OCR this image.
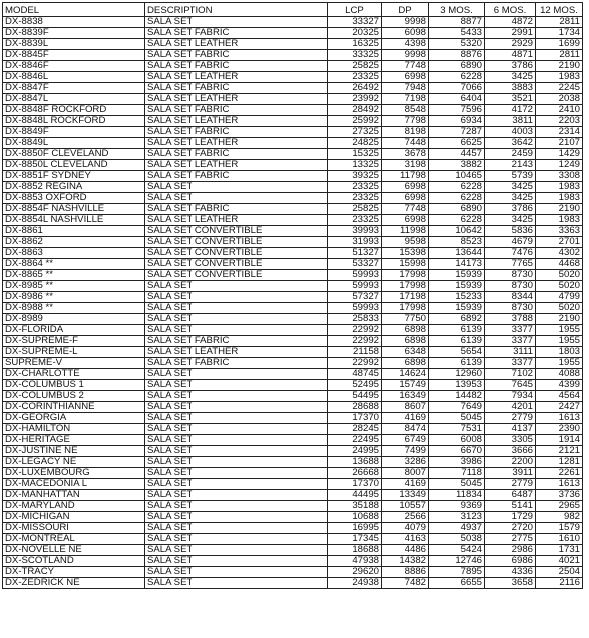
MODEL	DESCRIPTION	LCP	DP	3 MOS.	6 MOS.	12 MOS.
DX-8838	SALA SET	33327	9998	8877	4872	2811
DX-8839F	SALA SET FABRIC	20325	6098	5433	2991	1734
DX-8839L	SALA SET LEATHER	16325	4398	5320	2929	1699
DX-8845F	SALA SET FABRIC	33325	9998	8876	4871	2811
DX-8846F	SALA SET FABRIC	25825	7748	6890	3786	2190
DX-8846L	SALA SET LEATHER	23325	6998	6228	3425	1983
DX-8847F	SALA SET FABRIC	26492	7948	7066	3883	2245
DX-8847L	SALA SET LEATHER	23992	7198	6404	3521	2038
DX-8848F ROCKFORD	SALA SET FABRIC	28492	8548	7596	4172	2410
DX-8848L ROCKFORD	SALA SET LEATHER	25992	7798	6934	3811	2203
DX-8849F	SALA SET FABRIC	27325	8198	7287	4003	2314
DX-8849L	SALA SET LEATHER	24825	7448	6625	3642	2107
DX-8850F CLEVELAND	SALA SET FABRIC	15325	3678	4457	2459	1429
DX-8850L CLEVELAND	SALA SET LEATHER	13325	3198	3882	2143	1249
DX-8851F SYDNEY	SALA SET FABRIC	39325	11798	10465	5739	3308
DX-8852 REGINA	SALA SET	23325	6998	6228	3425	1983
DX-8853 OXFORD	SALA SET	23325	6998	6228	3425	1983
DX-8854F NASHVILLE	SALA SET FABRIC	25825	7748	6890	3786	2190
DX-8854L NASHVILLE	SALA SET LEATHER	23325	6998	6228	3425	1983
DX-8861	SALA SET CONVERTIBLE	39993	11998	10642	5836	3363
DX-8862	SALA SET CONVERTIBLE	31993	9598	8523	4679	2701
DX-8863	SALA SET CONVERTIBLE	51327	15398	13644	7476	4302
DX-8864 **	SALA SET CONVERTIBLE	53327	15998	14173	7765	4468
DX-8865 **	SALA SET CONVERTIBLE	59993	17998	15939	8730	5020
DX-8985 **	SALA SET	59993	17998	15939	8730	5020
DX-8986 **	SALA SET	57327	17198	15233	8344	4799
DX-8988 **	SALA SET	59993	17998	15939	8730	5020
DX-8989	SALA SET	25833	7750	6892	3788	2190
DX-FLORIDA	SALA SET	22992	6898	6139	3377	1955
DX-SUPREME-F	SALA SET FABRIC	22992	6898	6139	3377	1955
DX-SUPREME-L	SALA SET LEATHER	21158	6348	5654	3111	1803
SUPREME-V	SALA SET FABRIC	22992	6898	6139	3377	1955
DX-CHARLOTTE	SALA SET	48745	14624	12960	7102	4088
DX-COLUMBUS 1	SALA SET	52495	15749	13953	7645	4399
DX-COLUMBUS 2	SALA SET	54495	16349	14482	7934	4564
DX-CORINTHIANNE	SALA SET	28688	8607	7649	4201	2427
DX-GEORGIA	SALA SET	17370	4169	5045	2779	1613
DX-HAMILTON	SALA SET	28245	8474	7531	4137	2390
DX-HERITAGE	SALA SET	22495	6749	6008	3305	1914
DX-JUSTINE NE	SALA SET	24995	7499	6670	3666	2121
DX-LEGACY NE	SALA SET	13688	3286	3986	2200	1281
DX-LUXEMBOURG	SALA SET	26668	8007	7118	3911	2261
DX-MACEDONIA L	SALA SET	17370	4169	5045	2779	1613
DX-MANHATTAN	SALA SET	44495	13349	11834	6487	3736
DX-MARYLAND	SALA SET	35188	10557	9369	5141	2965
DX-MICHIGAN	SALA SET	10688	2566	3123	1729	982
DX-MISSOURI	SALA SET	16995	4079	4937	2720	1579
DX-MONTREAL	SALA SET	17345	4163	5038	2775	1610
DX-NOVELLE NE	SALA SET	18688	4486	5424	2986	1731
DX-SCOTLAND	SALA SET	47938	14382	12746	6986	4021
DX-TRACY	SALA SET	29620	8886	7895	4336	2504
DX-ZEDRICK NE	SALA SET	24938	7482	6655	3658	2116
